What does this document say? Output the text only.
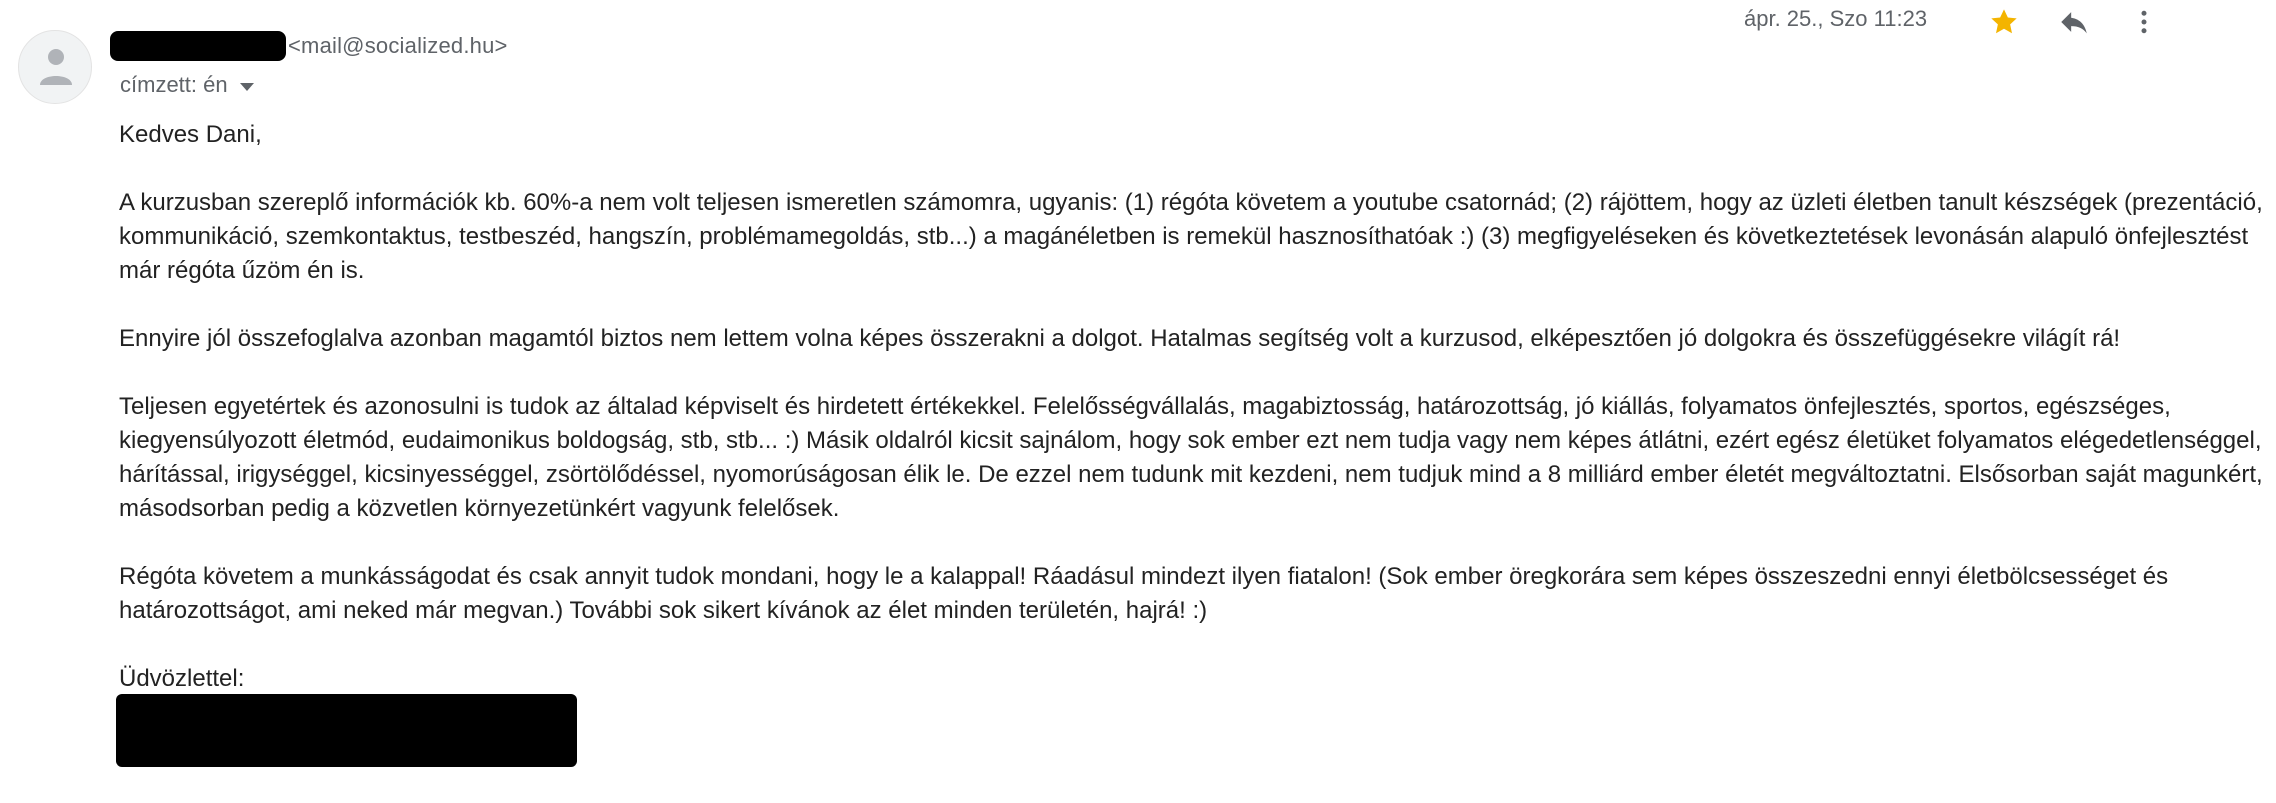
<mail@socialized.hu>
címzett: én
ápr. 25., Szo 11:23

Kedves Dani,

A kurzusban szereplő információk kb. 60%-a nem volt teljesen ismeretlen számomra, ugyanis: (1) régóta követem a youtube csatornád; (2) rájöttem, hogy az üzleti életben tanult készségek (prezentáció, kommunikáció, szemkontaktus, testbeszéd, hangszín, problémamegoldás, stb...) a magánéletben is remekül hasznosíthatóak :) (3) megfigyeléseken és következtetések levonásán alapuló önfejlesztést már régóta űzöm én is.

Ennyire jól összefoglalva azonban magamtól biztos nem lettem volna képes összerakni a dolgot. Hatalmas segítség volt a kurzusod, elképesztően jó dolgokra és összefüggésekre világít rá!

Teljesen egyetértek és azonosulni is tudok az általad képviselt és hirdetett értékekkel. Felelősségvállalás, magabiztosság, határozottság, jó kiállás, folyamatos önfejlesztés, sportos, egészséges, kiegyensúlyozott életmód, eudaimonikus boldogság, stb, stb... :) Másik oldalról kicsit sajnálom, hogy sok ember ezt nem tudja vagy nem képes átlátni, ezért egész életüket folyamatos elégedetlenséggel, hárítással, irigységgel, kicsinyességgel, zsörtölődéssel, nyomorúságosan élik le. De ezzel nem tudunk mit kezdeni, nem tudjuk mind a 8 milliárd ember életét megváltoztatni. Elsősorban saját magunkért, másodsorban pedig a közvetlen környezetünkért vagyunk felelősek.

Régóta követem a munkásságodat és csak annyit tudok mondani, hogy le a kalappal! Ráadásul mindezt ilyen fiatalon! (Sok ember öregkorára sem képes összeszedni ennyi életbölcsességet és határozottságot, ami neked már megvan.) További sok sikert kívánok az élet minden területén, hajrá! :)

Üdvözlettel:
